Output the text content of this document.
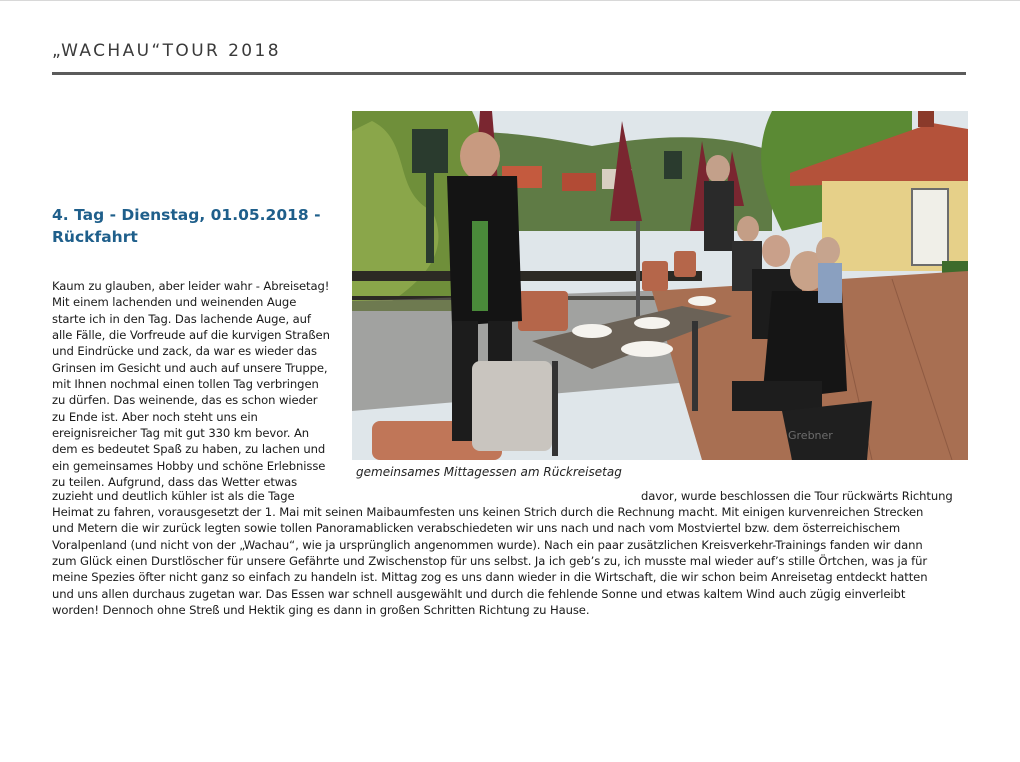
„WACHAU“TOUR 2018
4. Tag - Dienstag, 01.05.2018 -
Rückfahrt
Grebner
gemeinsames Mittagessen am Rückreisetag
Kaum zu glauben, aber leider wahr - Abreisetag!
Mit einem lachenden und weinenden Auge
starte ich in den Tag. Das lachende Auge, auf
alle Fälle, die Vorfreude auf die kurvigen Straßen
und Eindrücke und zack, da war es wieder das
Grinsen im Gesicht und auch auf unsere Truppe,
mit Ihnen nochmal einen tollen Tag verbringen
zu dürfen. Das weinende, das es schon wieder
zu Ende ist. Aber noch steht uns ein
ereignisreicher Tag mit gut 330 km bevor. An
dem es bedeutet Spaß zu haben, zu lachen und
ein gemeinsames Hobby und schöne Erlebnisse
zu teilen. Aufgrund, dass das Wetter etwas
zuzieht und deutlich kühler ist als die Tage	davor, wurde beschlossen die Tour rückwärts Richtung
Heimat zu fahren, vorausgesetzt der 1. Mai mit seinen Maibaumfesten uns keinen Strich durch die Rechnung macht. Mit einigen kurvenreichen Strecken
und Metern die wir zurück legten sowie tollen Panoramablicken verabschiedeten wir uns nach und nach vom Mostviertel bzw. dem österreichischem
Voralpenland (und nicht von der „Wachau“, wie ja ursprünglich angenommen wurde). Nach ein paar zusätzlichen Kreisverkehr-Trainings fanden wir dann
zum Glück einen Durstlöscher für unsere Gefährte und Zwischenstop für uns selbst. Ja ich geb’s zu, ich musste mal wieder auf’s stille Örtchen, was ja für
meine Spezies öfter nicht ganz so einfach zu handeln ist. Mittag zog es uns dann wieder in die Wirtschaft, die wir schon beim Anreisetag entdeckt hatten
und uns allen durchaus zugetan war. Das Essen war schnell ausgewählt und durch die fehlende Sonne und etwas kaltem Wind auch zügig einverleibt
worden! Dennoch ohne Streß und Hektik ging es dann in großen Schritten Richtung zu Hause.
